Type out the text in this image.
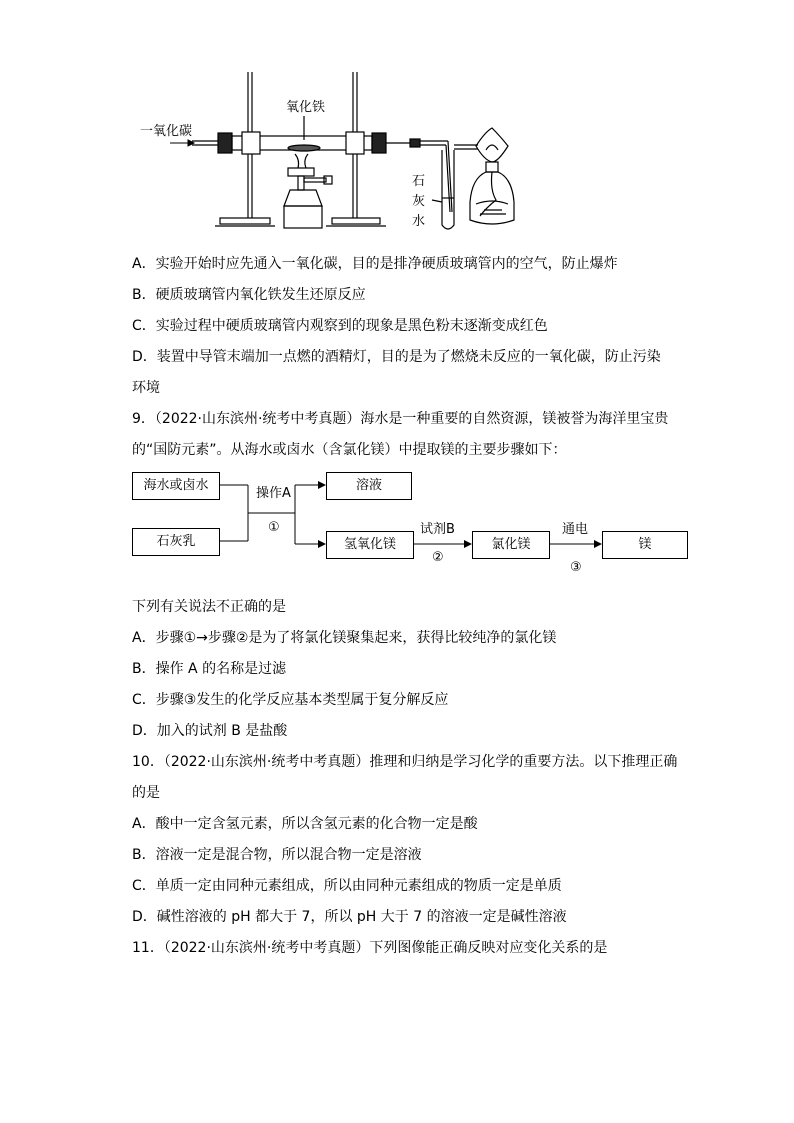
一氧化碳
氧化铁
石
灰
水
A．实验开始时应先通入一氧化碳，目的是排净硬质玻璃管内的空气，防止爆炸
B．硬质玻璃管内氧化铁发生还原反应
C．实验过程中硬质玻璃管内观察到的现象是黑色粉末逐渐变成红色
D．装置中导管末端加一点燃的酒精灯，目的是为了燃烧未反应的一氧化碳，防止污染
环境
9．（2022·山东滨州·统考中考真题）海水是一种重要的自然资源，镁被誉为海洋里宝贵
的“国防元素”。从海水或卤水（含氯化镁）中提取镁的主要步骤如下：
海水或卤水
石灰乳
溶液
氢氧化镁	氯化镁	镁
操作A
①	试剂B
②
通电
③
下列有关说法不正确的是
A．步骤①→步骤②是为了将氯化镁聚集起来，获得比较纯净的氯化镁
B．操作 A 的名称是过滤
C．步骤③发生的化学反应基本类型属于复分解反应
D．加入的试剂 B 是盐酸
10．（2022·山东滨州·统考中考真题）推理和归纳是学习化学的重要方法。以下推理正确
的是
A．酸中一定含氢元素，所以含氢元素的化合物一定是酸
B．溶液一定是混合物，所以混合物一定是溶液
C．单质一定由同种元素组成，所以由同种元素组成的物质一定是单质
D．碱性溶液的 pH 都大于 7，所以 pH 大于 7 的溶液一定是碱性溶液
11．（2022·山东滨州·统考中考真题）下列图像能正确反映对应变化关系的是
